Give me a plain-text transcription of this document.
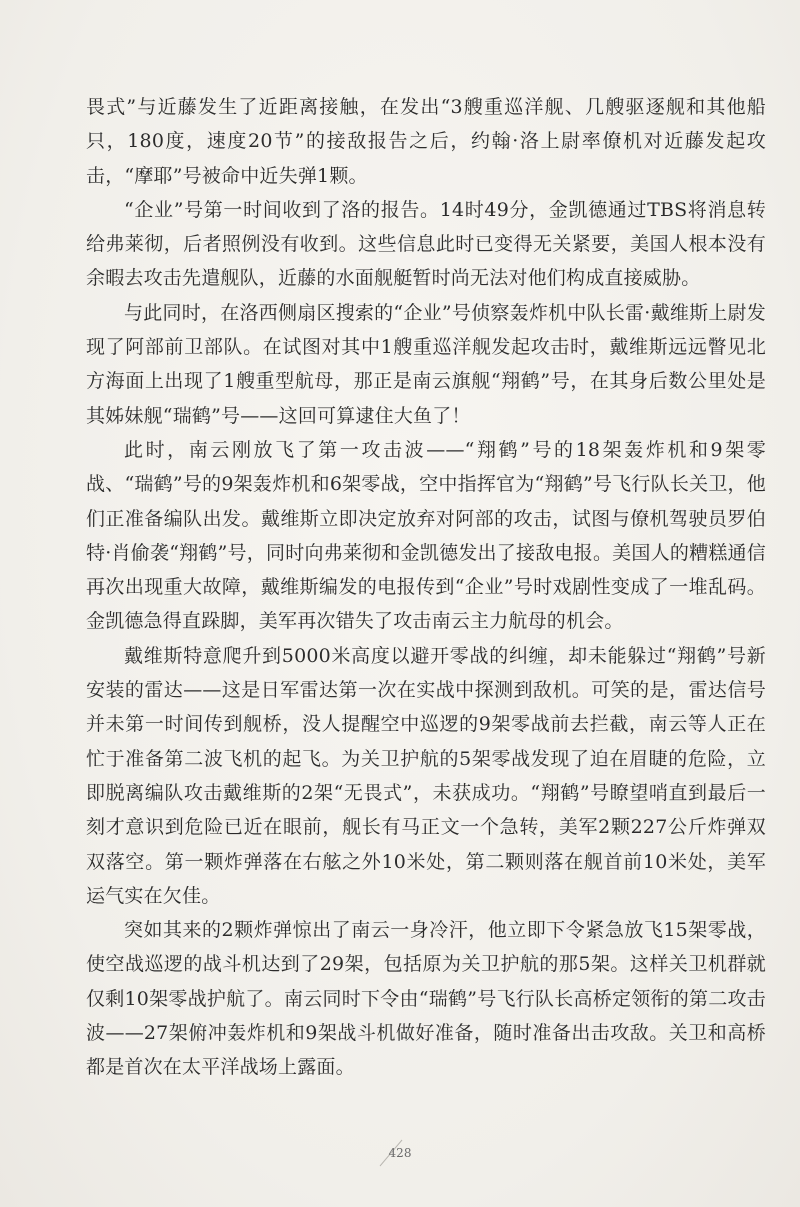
畏式”与近藤发生了近距离接触，在发出“3艘重巡洋舰、几艘驱逐舰和其他船只，180度，速度20节”的接敌报告之后，约翰·洛上尉率僚机对近藤发起攻击，“摩耶”号被命中近失弹1颗。

“企业”号第一时间收到了洛的报告。14时49分，金凯德通过TBS将消息转给弗莱彻，后者照例没有收到。这些信息此时已变得无关紧要，美国人根本没有余暇去攻击先遣舰队，近藤的水面舰艇暂时尚无法对他们构成直接威胁。

与此同时，在洛西侧扇区搜索的“企业”号侦察轰炸机中队长雷·戴维斯上尉发现了阿部前卫部队。在试图对其中1艘重巡洋舰发起攻击时，戴维斯远远瞥见北方海面上出现了1艘重型航母，那正是南云旗舰“翔鹤”号，在其身后数公里处是其姊妹舰“瑞鹤”号——这回可算逮住大鱼了！

此时，南云刚放飞了第一攻击波——“翔鹤”号的18架轰炸机和9架零战、“瑞鹤”号的9架轰炸机和6架零战，空中指挥官为“翔鹤”号飞行队长关卫，他们正准备编队出发。戴维斯立即决定放弃对阿部的攻击，试图与僚机驾驶员罗伯特·肖偷袭“翔鹤”号，同时向弗莱彻和金凯德发出了接敌电报。美国人的糟糕通信再次出现重大故障，戴维斯编发的电报传到“企业”号时戏剧性变成了一堆乱码。金凯德急得直跺脚，美军再次错失了攻击南云主力航母的机会。

戴维斯特意爬升到5000米高度以避开零战的纠缠，却未能躲过“翔鹤”号新安装的雷达——这是日军雷达第一次在实战中探测到敌机。可笑的是，雷达信号并未第一时间传到舰桥，没人提醒空中巡逻的9架零战前去拦截，南云等人正在忙于准备第二波飞机的起飞。为关卫护航的5架零战发现了迫在眉睫的危险，立即脱离编队攻击戴维斯的2架“无畏式”，未获成功。“翔鹤”号瞭望哨直到最后一刻才意识到危险已近在眼前，舰长有马正文一个急转，美军2颗227公斤炸弹双双落空。第一颗炸弹落在右舷之外10米处，第二颗则落在舰首前10米处，美军运气实在欠佳。

突如其来的2颗炸弹惊出了南云一身冷汗，他立即下令紧急放飞15架零战，使空战巡逻的战斗机达到了29架，包括原为关卫护航的那5架。这样关卫机群就仅剩10架零战护航了。南云同时下令由“瑞鹤”号飞行队长高桥定领衔的第二攻击波——27架俯冲轰炸机和9架战斗机做好准备，随时准备出击攻敌。关卫和高桥都是首次在太平洋战场上露面。

428
